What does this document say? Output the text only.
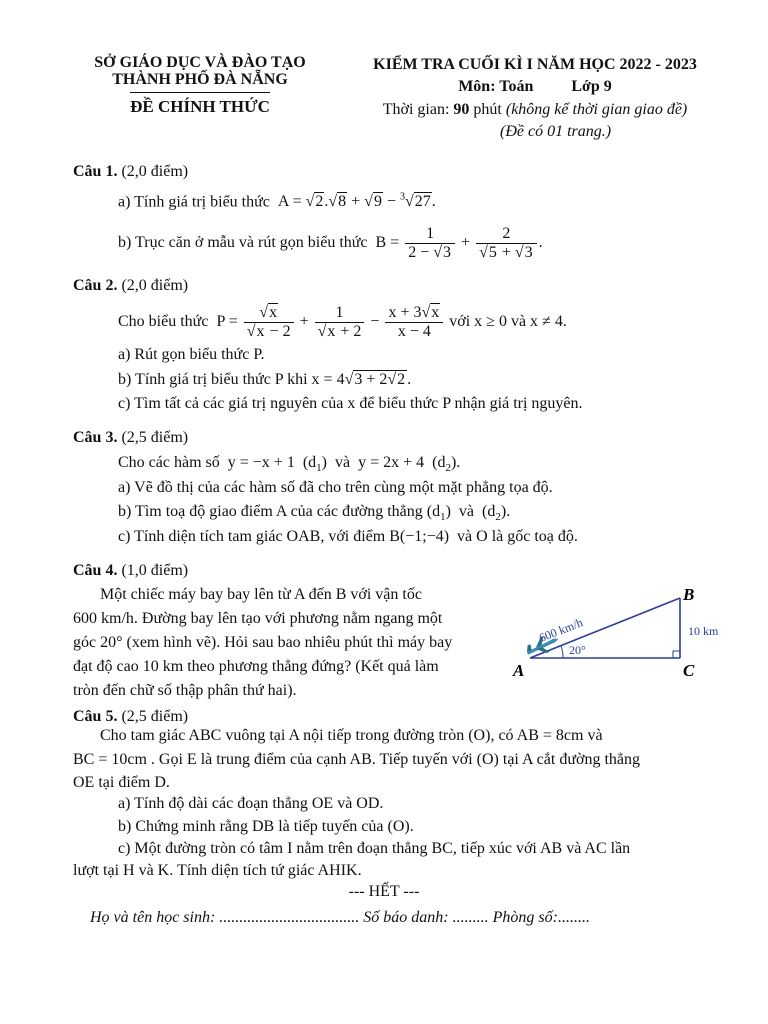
SỞ GIÁO DỤC VÀ ĐÀO TẠO
THÀNH PHỐ ĐÀ NẴNG
ĐỀ CHÍNH THỨC
KIỂM TRA CUỐI KÌ I NĂM HỌC 2022 - 2023
Môn: Toán Lớp 9
Thời gian: 90 phút (không kể thời gian giao đề)
(Đề có 01 trang.)
Câu 1. (2,0 điểm)
a) Tính giá trị biểu thức  A = √2.√8 + √9 − $^3$√27.
b) Trục căn ở mẫu và rút gọn biểu thức  $B = \frac{1}{2 - √3} + \frac{2}{√5 + √3}$ .
Câu 2. (2,0 điểm)
Cho biểu thức  $P = \frac{√x}{√x - 2} + \frac{1}{√x + 2} - \frac{x + 3√x}{x - 4}$ với x ≥ 0 và x ≠ 4.
a) Rút gọn biểu thức P.
b) Tính giá trị biểu thức P khi x = 4√3 + 2√2 .
c) Tìm tất cả các giá trị nguyên của x để biểu thức P nhận giá trị nguyên.
Câu 3. (2,5 điểm)
Cho các hàm số  y = −x + 1  $(d_1)$  và  y = 2x + 4  $(d_2)$.
a) Vẽ đồ thị của các hàm số đã cho trên cùng một mặt phẳng tọa độ.
b) Tìm toạ độ giao điểm A của các đường thẳng $(d_1)$  và  $(d_2)$.
c) Tính diện tích tam giác OAB, với điểm B(−1;−4)  và O là gốc toạ độ.
Câu 4. (1,0 điểm)
Một chiếc máy bay bay lên từ A đến B với vận tốc
600 km/h. Đường bay lên tạo với phương nằm ngang một
góc 20° (xem hình vẽ). Hỏi sau bao nhiêu phút thì máy bay
đạt độ cao 10 km theo phương thẳng đứng? (Kết quả làm
tròn đến chữ số thập phân thứ hai).
600 km/h
20°
10 km
A	C
B
Câu 5. (2,5 điểm)
Cho tam giác ABC vuông tại A nội tiếp trong đường tròn (O), có AB = 8cm và
BC = 10cm . Gọi E là trung điểm của cạnh AB. Tiếp tuyến với (O) tại A cắt đường thẳng
OE tại điểm D.
a) Tính độ dài các đoạn thẳng OE và OD.
b) Chứng minh rằng DB là tiếp tuyến của (O).
c) Một đường tròn có tâm I nằm trên đoạn thẳng BC, tiếp xúc với AB và AC lần
lượt tại H và K. Tính diện tích tứ giác AHIK.
--- HẾT ---
Họ và tên học sinh: ................................... Số báo danh: ......... Phòng số:........
